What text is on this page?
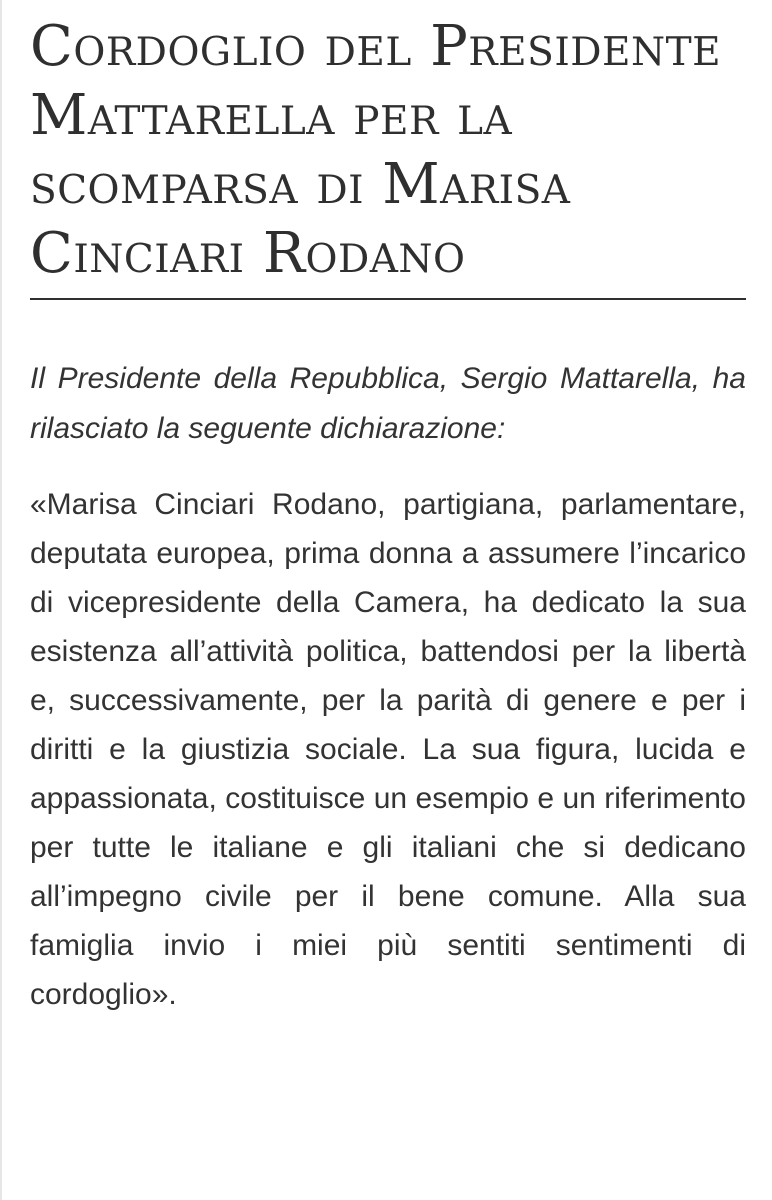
Cordoglio del Presidente Mattarella per la scomparsa di Marisa Cinciari Rodano

Il Presidente della Repubblica, Sergio Mattarella, ha rilasciato la seguente dichiarazione:

«Marisa Cinciari Rodano, partigiana, parlamentare, deputata europea, prima donna a assumere l’incarico di vicepresidente della Camera, ha dedicato la sua esistenza all’attività politica, battendosi per la libertà e, successivamente, per la parità di genere e per i diritti e la giustizia sociale. La sua figura, lucida e appassionata, costituisce un esempio e un riferimento per tutte le italiane e gli italiani che si dedicano all’impegno civile per il bene comune. Alla sua famiglia invio i miei più sentiti sentimenti di cordoglio».
